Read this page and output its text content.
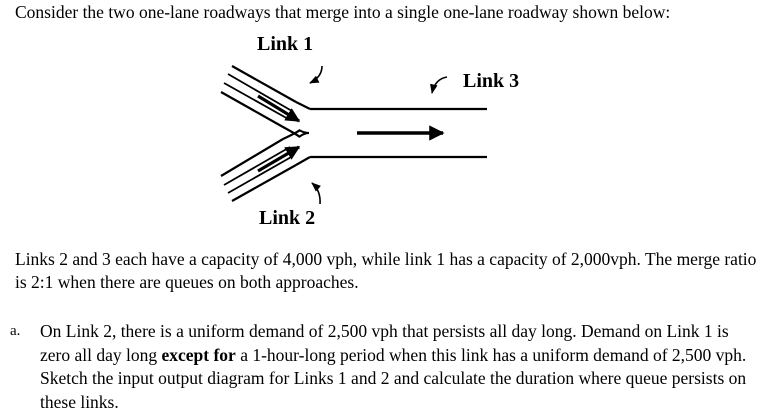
Consider the two one-lane roadways that merge into a single one-lane roadway shown below:
Link 1
Link 3
Link 2
Links 2 and 3 each have a capacity of 4,000 vph, while link 1 has a capacity of 2,000vph. The merge ratio is 2:1 when there are queues on both approaches.
a. On Link 2, there is a uniform demand of 2,500 vph that persists all day long. Demand on Link 1 is zero all day long except for a 1-hour-long period when this link has a uniform demand of 2,500 vph. Sketch the input output diagram for Links 1 and 2 and calculate the duration where queue persists on these links.
